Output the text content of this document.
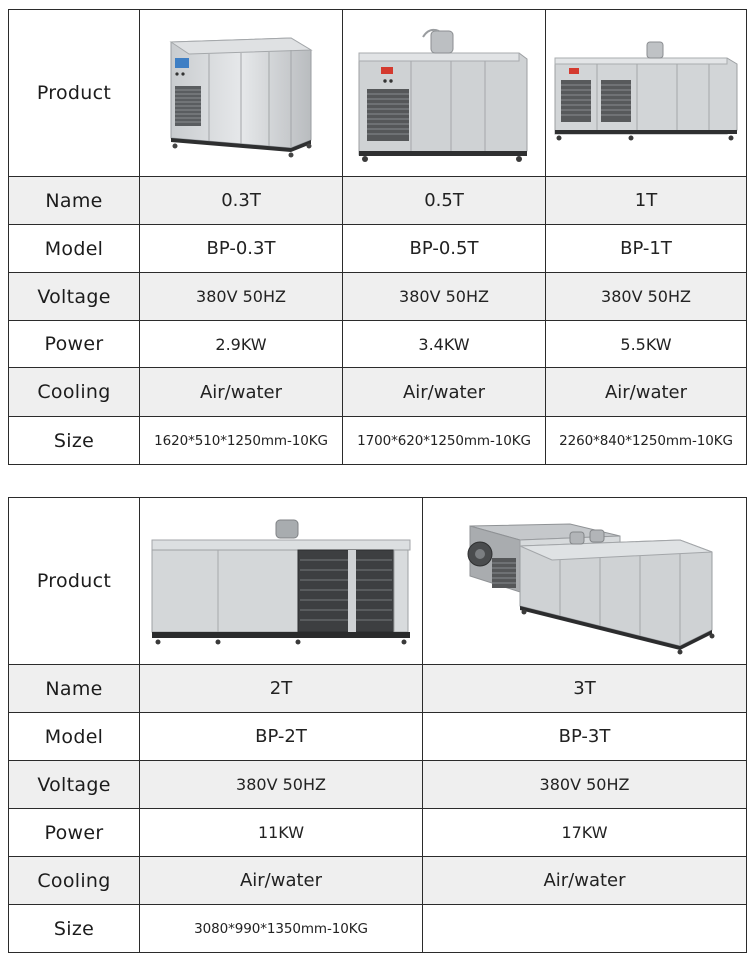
Product	

Name	0.3T	0.5T	1T
Model	BP-0.3T	BP-0.5T	BP-1T
Voltage	380V 50HZ	380V 50HZ	380V 50HZ
Power	2.9KW	3.4KW	5.5KW
Cooling	Air/water	Air/water	Air/water
Size	1620*510*1250mm-10KG	1700*620*1250mm-10KG	2260*840*1250mm-10KG
Product	

Name	2T	3T
Model	BP-2T	BP-3T
Voltage	380V 50HZ	380V 50HZ
Power	11KW	17KW
Cooling	Air/water	Air/water
Size	3080*990*1350mm-10KG	
